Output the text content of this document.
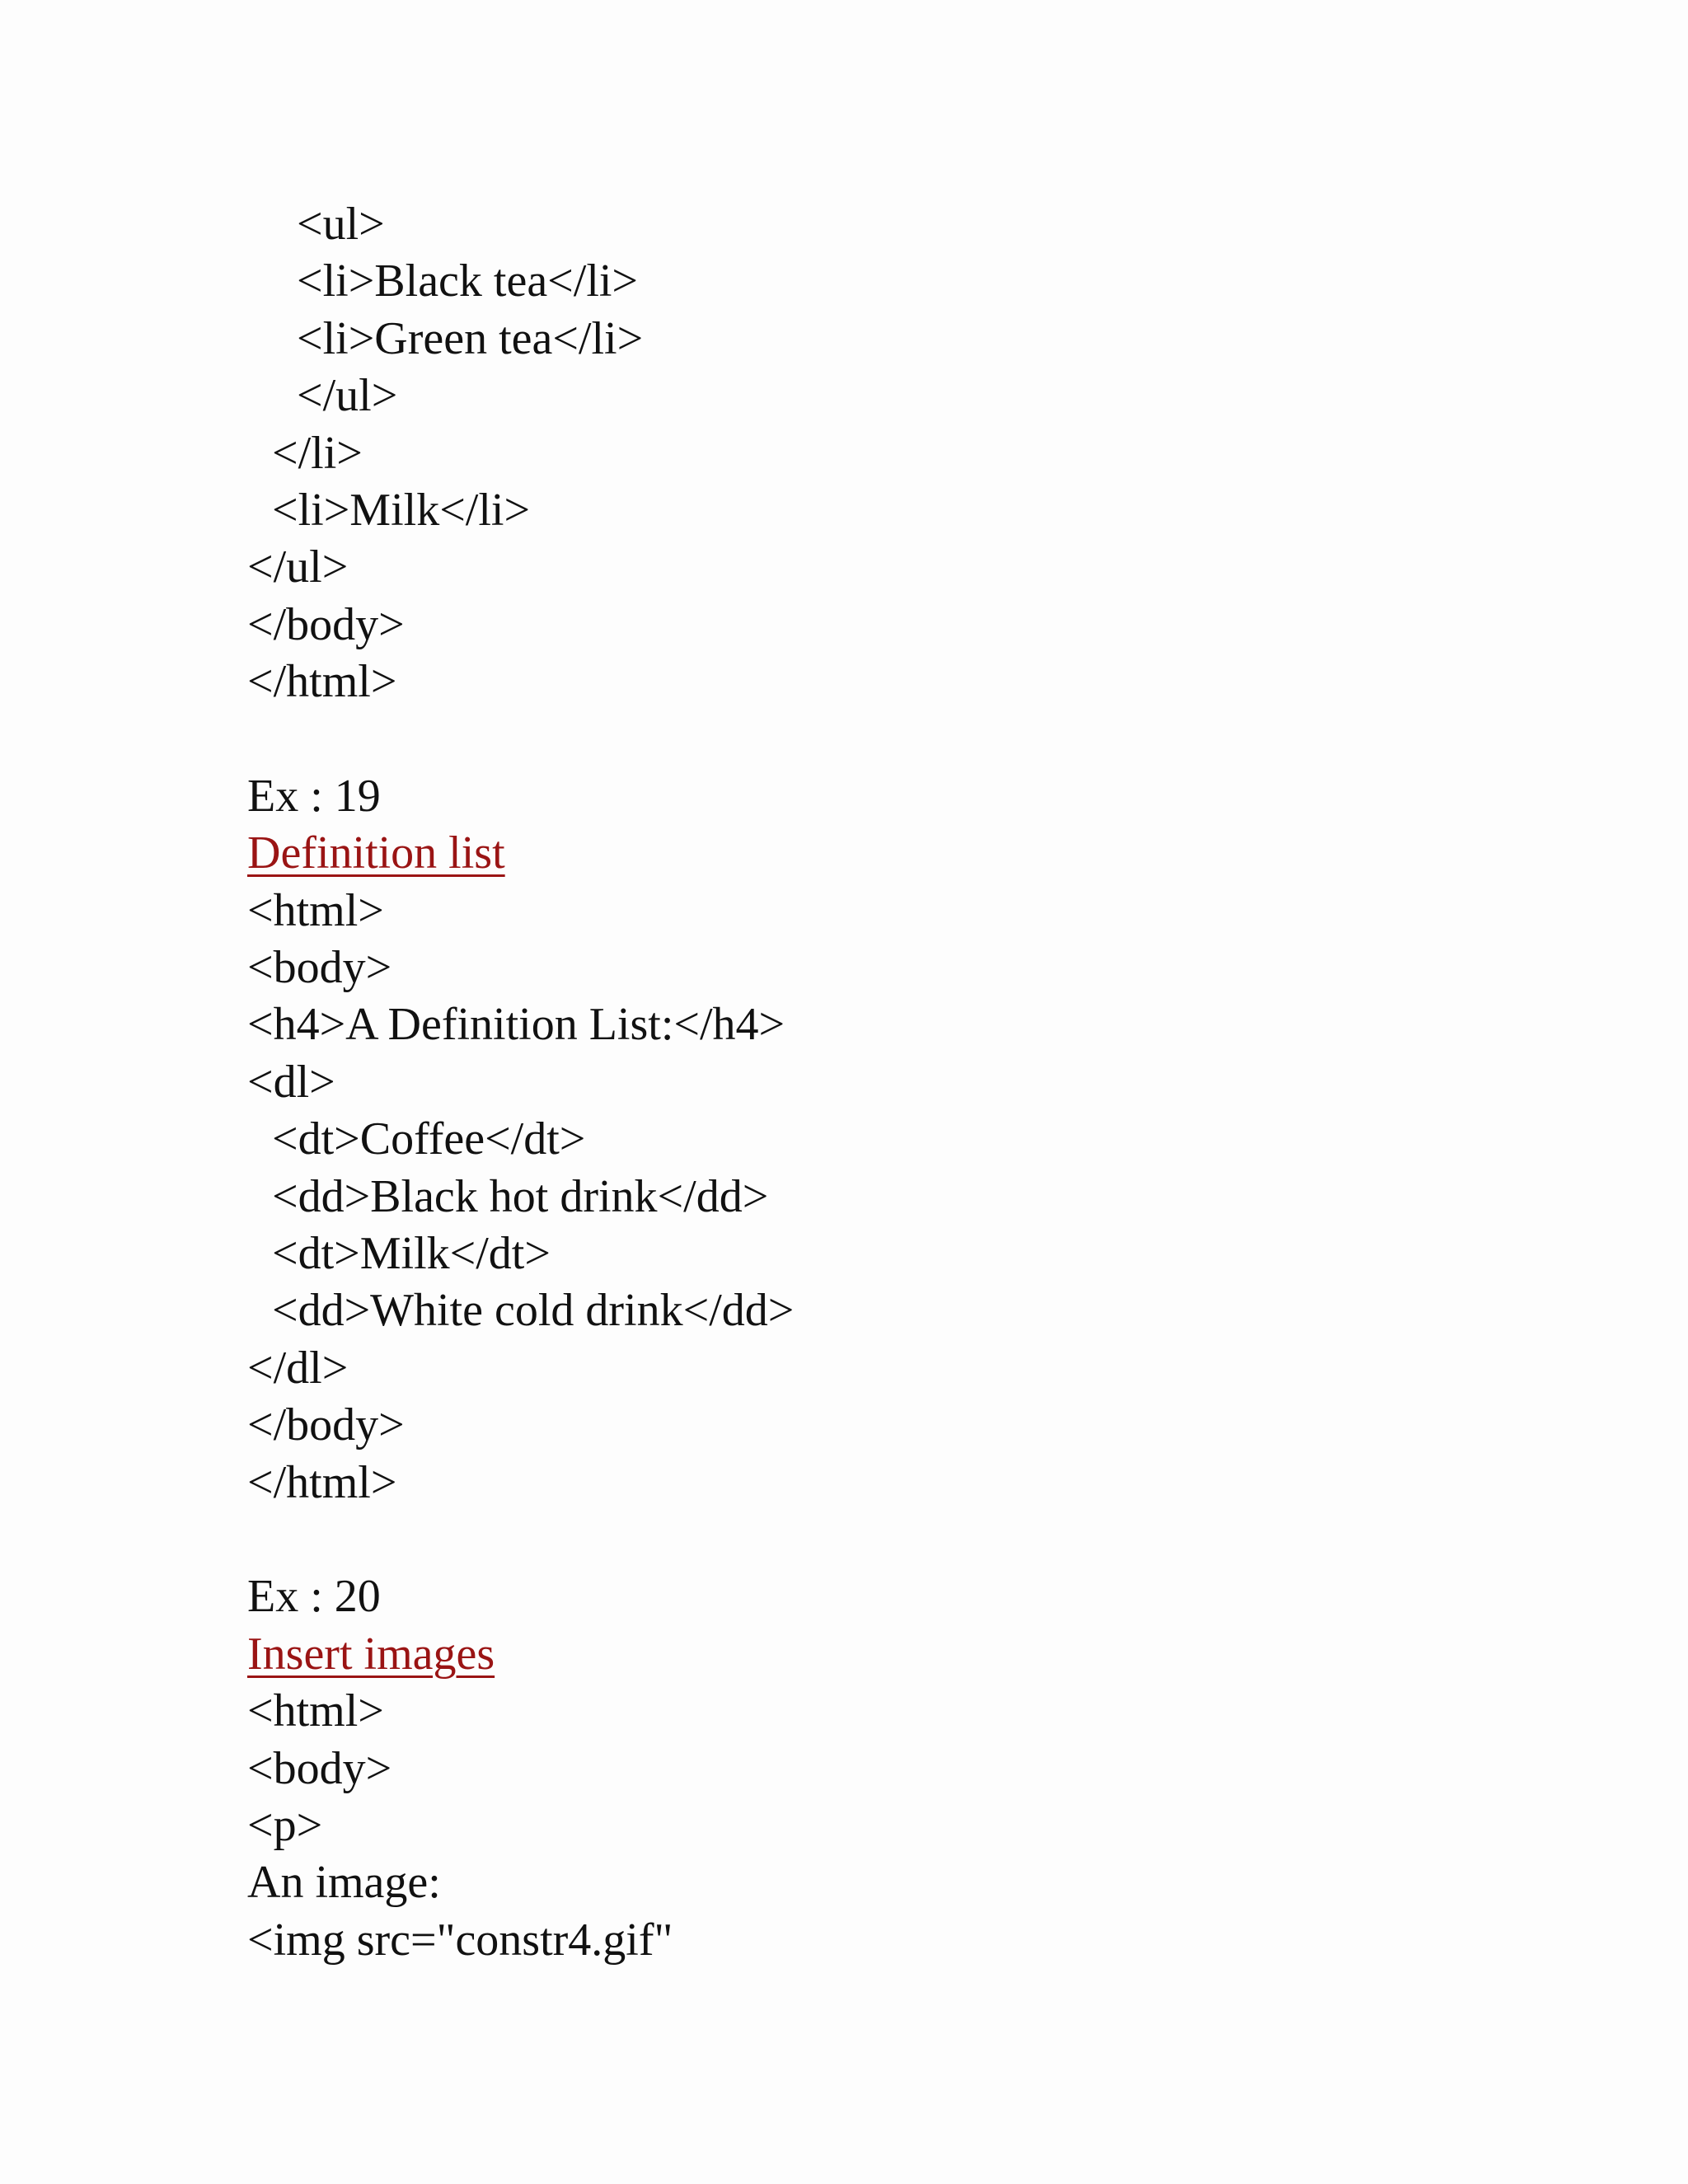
<ul>
<li>Black tea</li>
<li>Green tea</li>
</ul>
</li>
<li>Milk</li>
</ul>
</body>
</html>
Ex : 19
Definition list
<html>
<body>
<h4>A Definition List:</h4>
<dl>
<dt>Coffee</dt>
<dd>Black hot drink</dd>
<dt>Milk</dt>
<dd>White cold drink</dd>
</dl>
</body>
</html>
Ex : 20
Insert images
<html>
<body>
<p>
An image:
<img src="constr4.gif"
